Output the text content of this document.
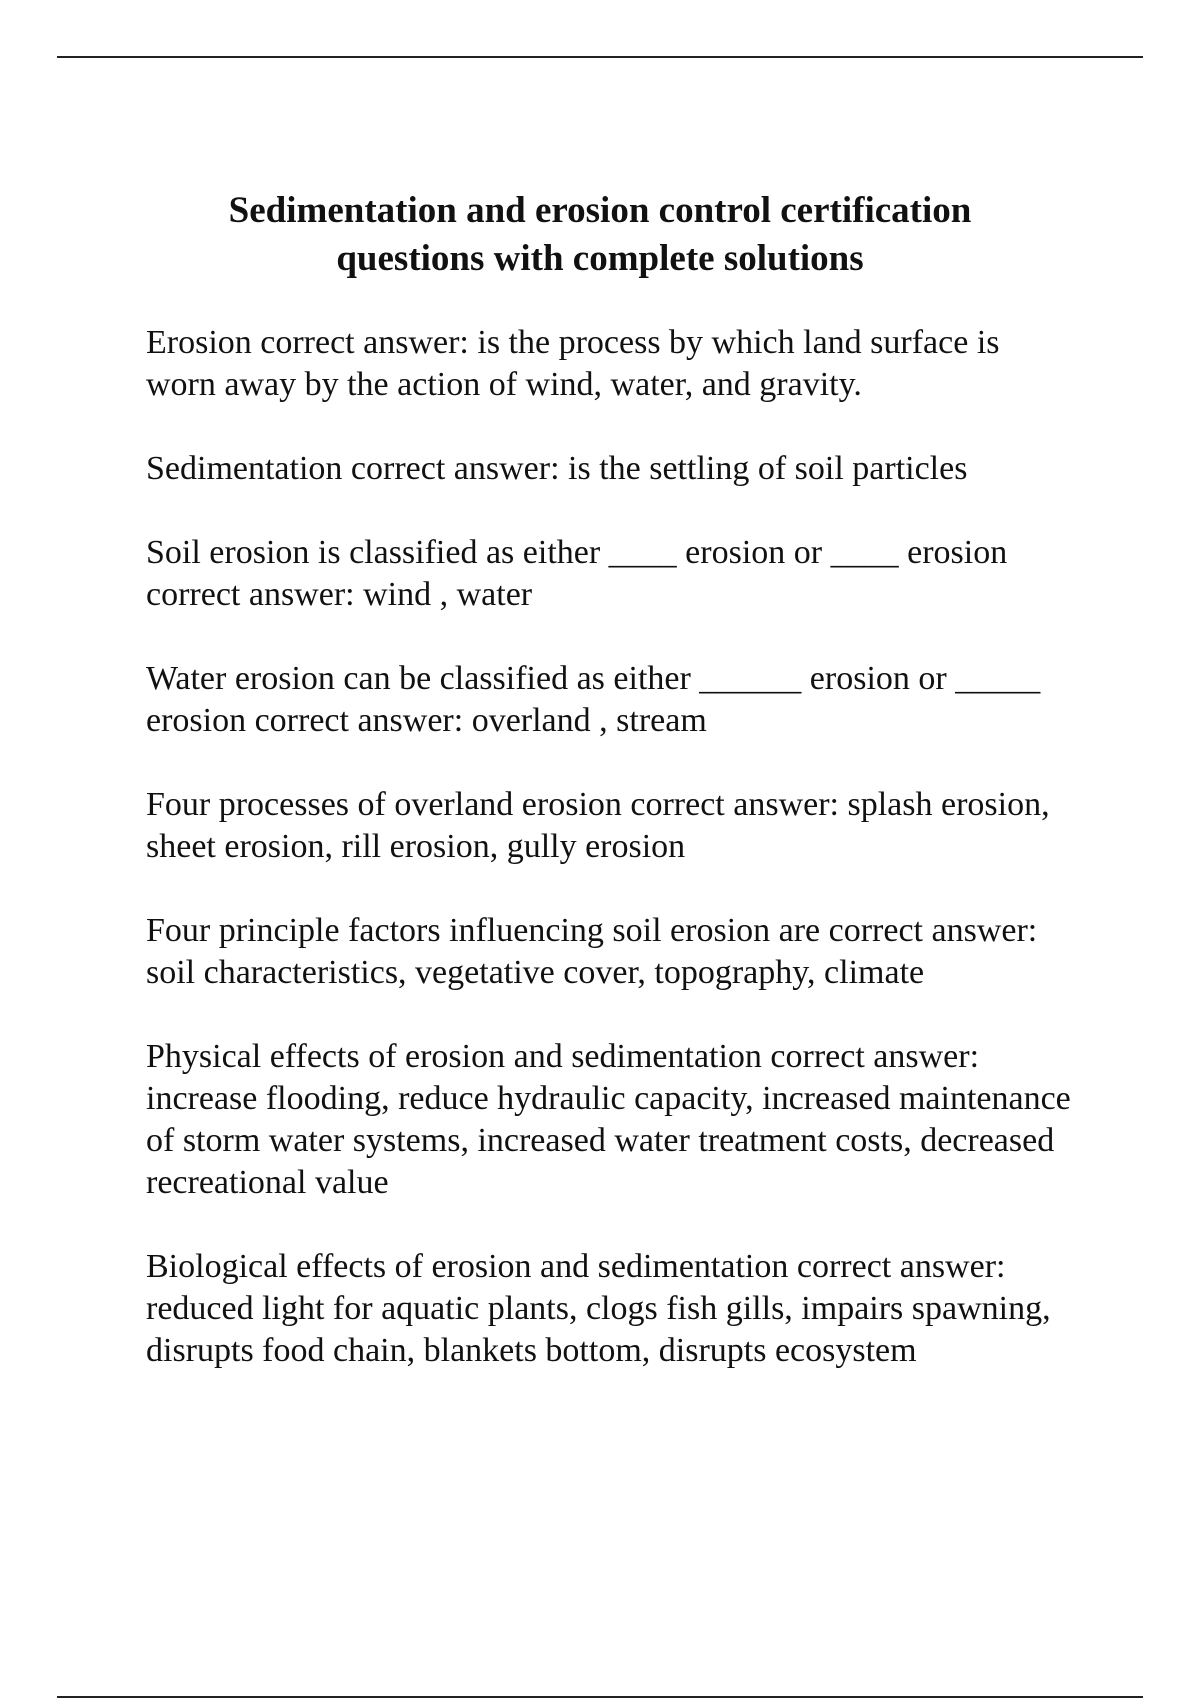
Sedimentation and erosion control certification
questions with complete solutions

Erosion correct answer: is the process by which land surface is worn away by the action of wind, water, and gravity.

Sedimentation correct answer: is the settling of soil particles

Soil erosion is classified as either ____ erosion or ____ erosion correct answer: wind , water

Water erosion can be classified as either ______ erosion or _____ erosion correct answer: overland , stream

Four processes of overland erosion correct answer: splash erosion, sheet erosion, rill erosion, gully erosion

Four principle factors influencing soil erosion are correct answer: soil characteristics, vegetative cover, topography, climate

Physical effects of erosion and sedimentation correct answer: increase flooding, reduce hydraulic capacity, increased maintenance of storm water systems, increased water treatment costs, decreased recreational value

Biological effects of erosion and sedimentation correct answer: reduced light for aquatic plants, clogs fish gills, impairs spawning, disrupts food chain, blankets bottom, disrupts ecosystem
